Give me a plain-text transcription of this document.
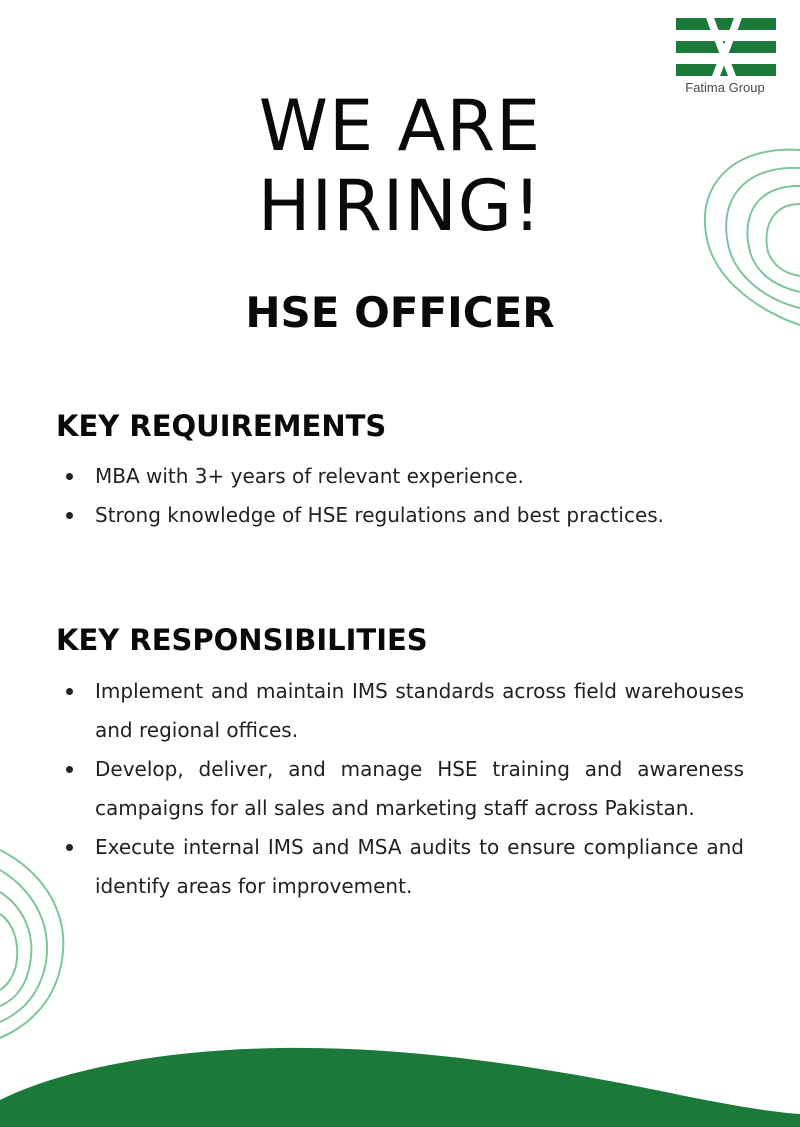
Fatima Group
WE ARE
HIRING!
HSE OFFICER
KEY REQUIREMENTS
MBA with 3+ years of relevant experience.
Strong knowledge of HSE regulations and best practices.
KEY RESPONSIBILITIES
Implement and maintain IMS standards across field warehouses and regional offices.
Develop, deliver, and manage HSE training and awareness campaigns for all sales and marketing staff across Pakistan.
Execute internal IMS and MSA audits to ensure compliance and identify areas for improvement.
